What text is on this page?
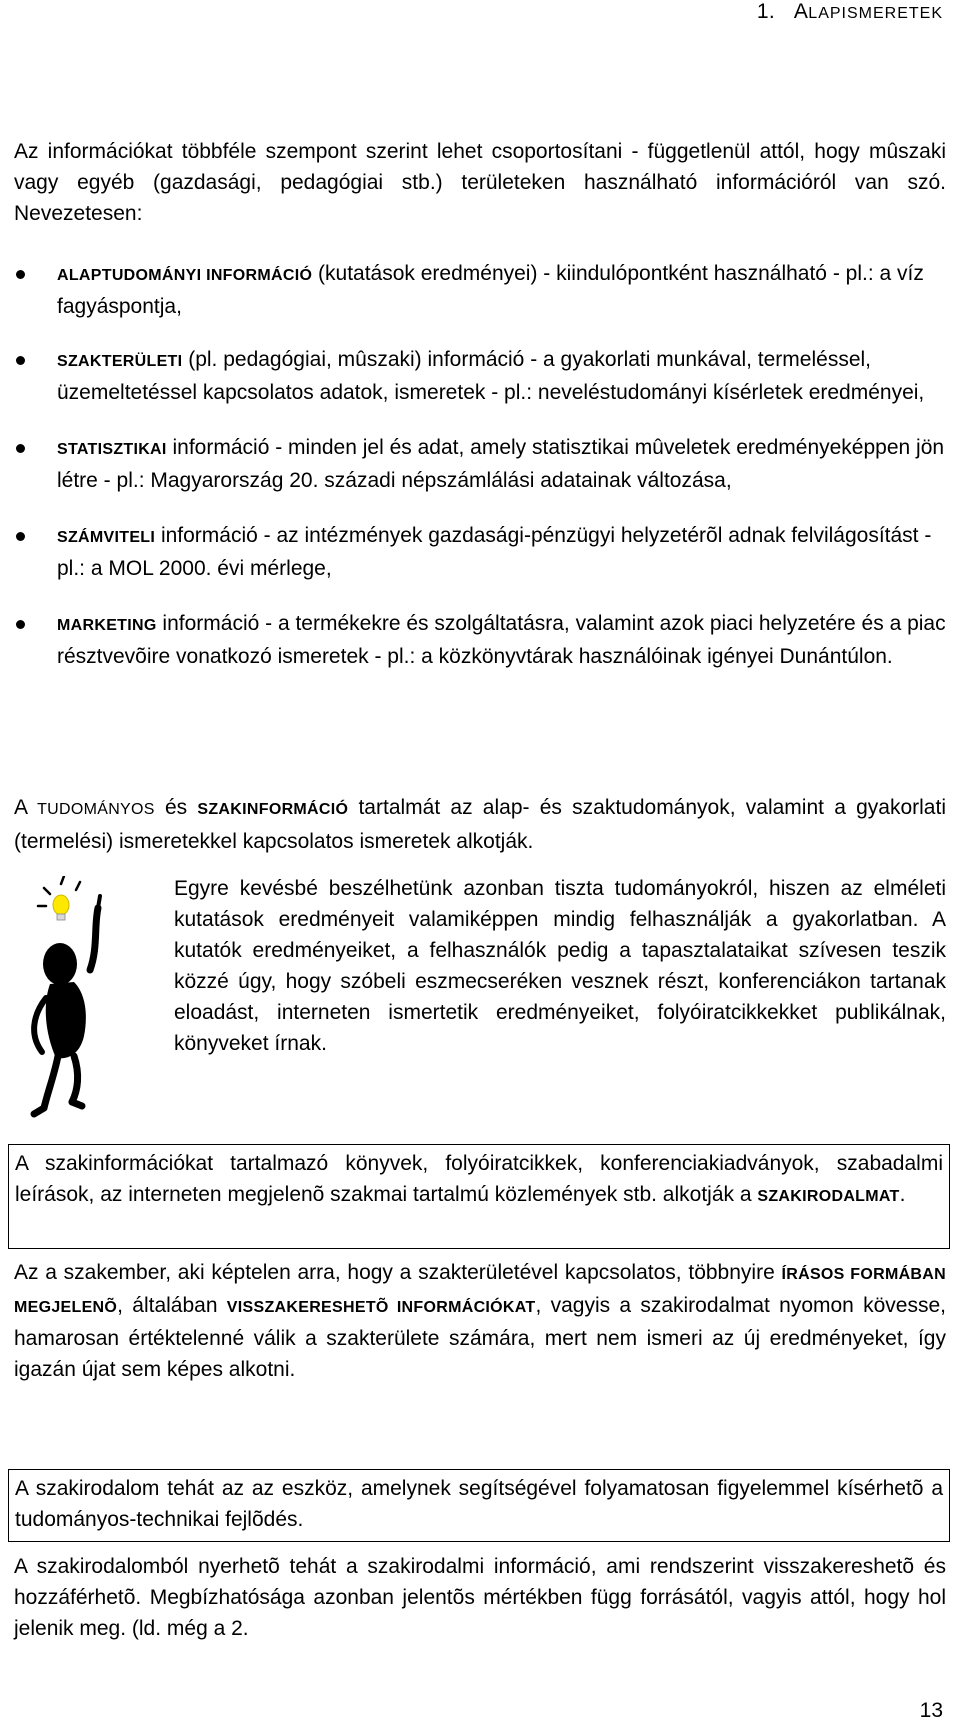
1. ALAPISMERETEK
Az információkat többféle szempont szerint lehet csoportosítani - függetlenül attól, hogy mûszaki vagy egyéb (gazdasági, pedagógiai stb.) területeken használható információról van szó. Nevezetesen:
ALAPTUDOMÁNYI INFORMÁCIÓ (kutatások eredményei) - kiindulópontként használható - pl.: a víz fagyáspontja,
SZAKTERÜLETI (pl. pedagógiai, mûszaki) információ - a gyakorlati munkával, termeléssel, üzemeltetéssel kapcsolatos adatok, ismeretek - pl.: neveléstudományi kísérletek eredményei,
STATISZTIKAI információ - minden jel és adat, amely statisztikai mûveletek eredményeképpen jön létre - pl.: Magyarország 20. századi népszámlálási adatainak változása,
SZÁMVITELI információ - az intézmények gazdasági-pénzügyi helyzetérõl adnak felvilágosítást - pl.: a MOL 2000. évi mérlege,
MARKETING információ - a termékekre és szolgáltatásra, valamint azok piaci helyzetére és a piac résztvevõire vonatkozó ismeretek - pl.: a közkönyvtárak használóinak igényei Dunántúlon.
A TUDOMÁNYOS és SZAKINFORMÁCIÓ tartalmát az alap- és szaktudományok, valamint a gyakorlati (termelési) ismeretekkel kapcsolatos ismeretek alkotják.
Egyre kevésbé beszélhetünk azonban tiszta tudományokról, hiszen az elméleti kutatások eredményeit valamiképpen mindig felhasználják a gyakorlatban. A kutatók eredményeiket, a felhasználók pedig a tapasztalataikat szívesen teszik közzé úgy, hogy szóbeli eszmecseréken vesznek részt, konferenciákon tartanak eloadást, interneten ismertetik eredményeiket, folyóiratcikkekket publikálnak, könyveket írnak.
A szakinformációkat tartalmazó könyvek, folyóiratcikkek, konferenciakiadványok, szabadalmi leírások, az interneten megjelenõ szakmai tartalmú közlemények stb. alkotják a SZAKIRODALMAT.
Az a szakember, aki képtelen arra, hogy a szakterületével kapcsolatos, többnyire ÍRÁSOS FORMÁBAN MEGJELENÕ, általában VISSZAKERESHETÕ INFORMÁCIÓKAT, vagyis a szakirodalmat nyomon kövesse, hamarosan értéktelenné válik a szakterülete számára, mert nem ismeri az új eredményeket, így igazán újat sem képes alkotni.
A szakirodalom tehát az az eszköz, amelynek segítségével folyamatosan figyelemmel kísérhetõ a tudományos-technikai fejlõdés.
A szakirodalomból nyerhetõ tehát a szakirodalmi információ, ami rendszerint visszakereshetõ és hozzáférhetõ. Megbízhatósága azonban jelentõs mértékben függ forrásától, vagyis attól, hogy hol jelenik meg. (ld. még a 2.
13
